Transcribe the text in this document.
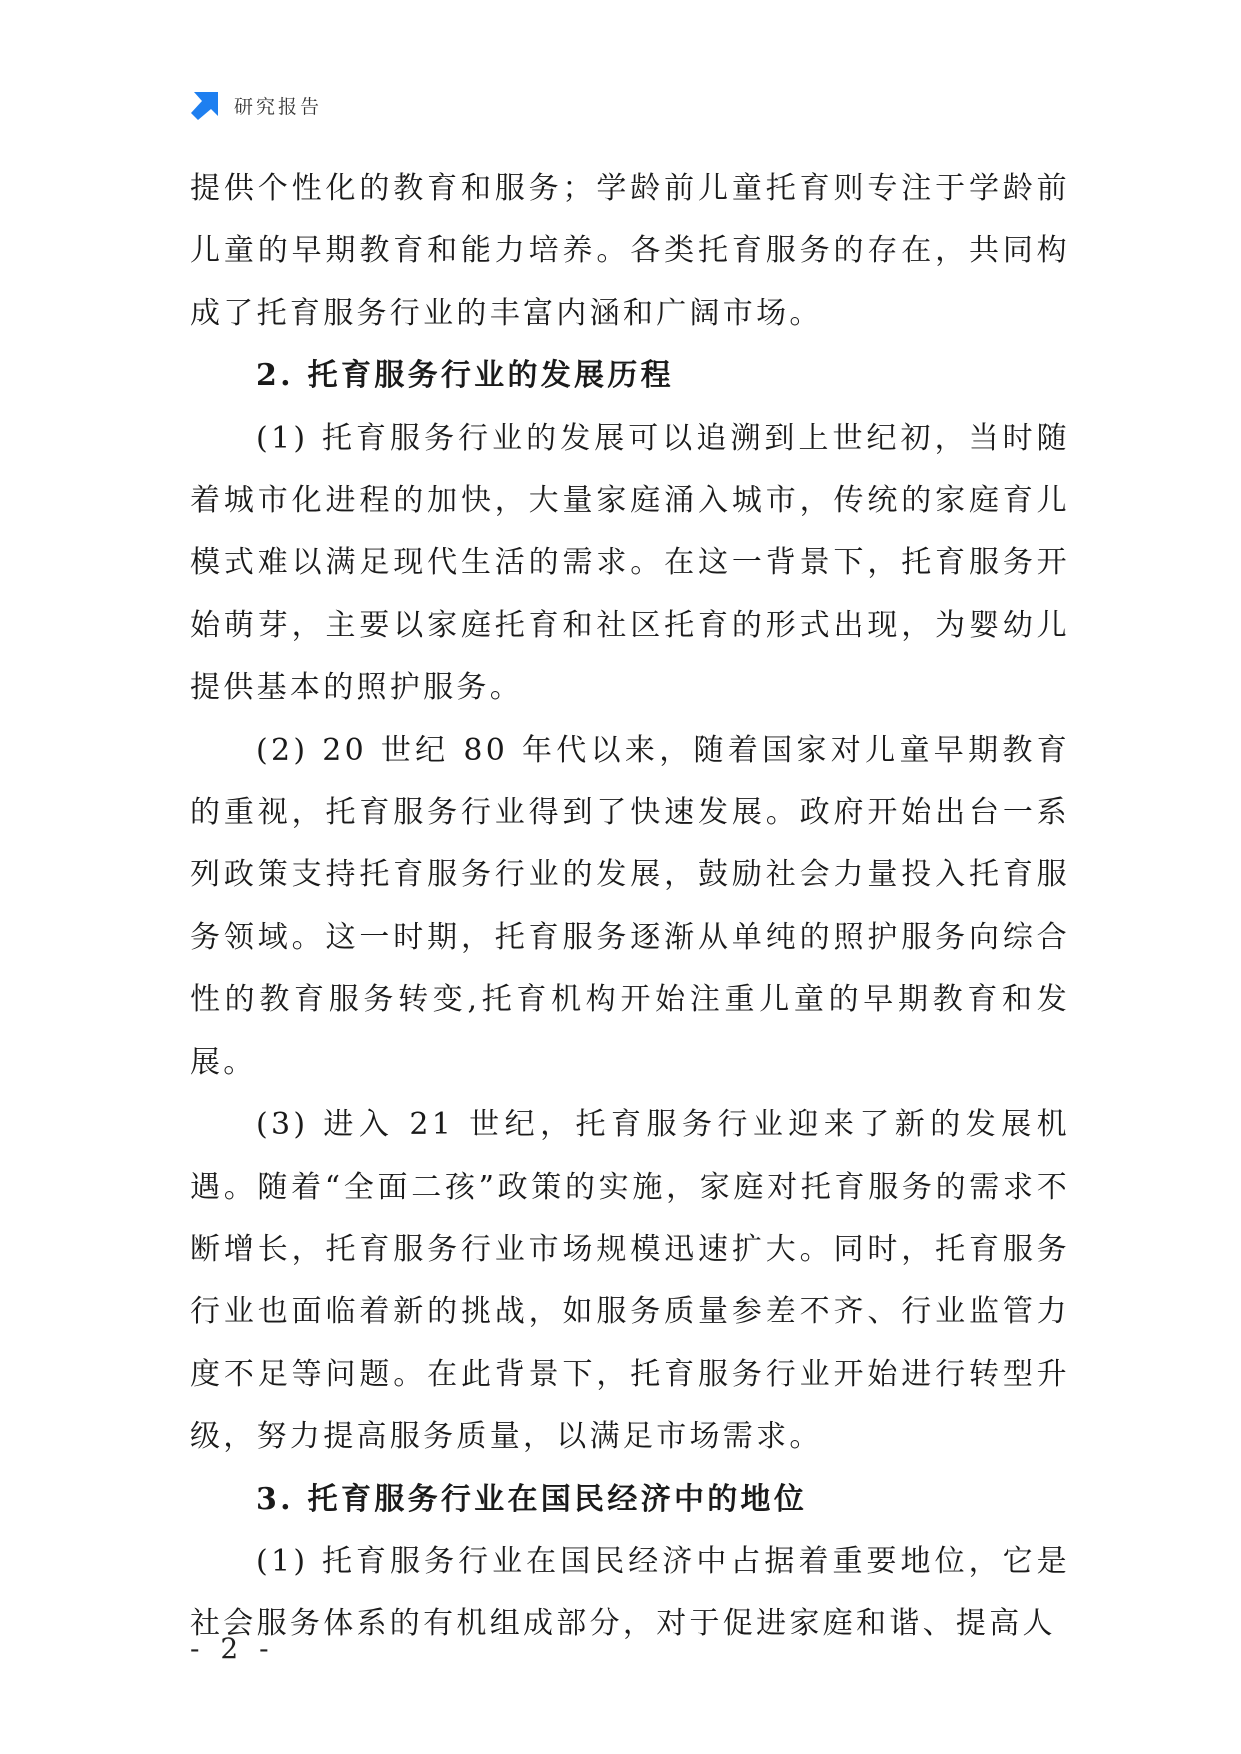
研究报告

提供个性化的教育和服务；学龄前儿童托育则专注于学龄前儿童的早期教育和能力培养。各类托育服务的存在，共同构成了托育服务行业的丰富内涵和广阔市场。

2. 托育服务行业的发展历程

(1) 托育服务行业的发展可以追溯到上世纪初，当时随着城市化进程的加快，大量家庭涌入城市，传统的家庭育儿模式难以满足现代生活的需求。在这一背景下，托育服务开始萌芽，主要以家庭托育和社区托育的形式出现，为婴幼儿提供基本的照护服务。

(2) 20 世纪 80 年代以来，随着国家对儿童早期教育的重视，托育服务行业得到了快速发展。政府开始出台一系列政策支持托育服务行业的发展，鼓励社会力量投入托育服务领域。这一时期，托育服务逐渐从单纯的照护服务向综合性的教育服务转变,托育机构开始注重儿童的早期教育和发展。

(3) 进入 21 世纪，托育服务行业迎来了新的发展机遇。随着“全面二孩”政策的实施，家庭对托育服务的需求不断增长，托育服务行业市场规模迅速扩大。同时，托育服务行业也面临着新的挑战，如服务质量参差不齐、行业监管力度不足等问题。在此背景下，托育服务行业开始进行转型升级，努力提高服务质量，以满足市场需求。

3. 托育服务行业在国民经济中的地位

(1) 托育服务行业在国民经济中占据着重要地位，它是社会服务体系的有机组成部分，对于促进家庭和谐、提高人

- 2 -
